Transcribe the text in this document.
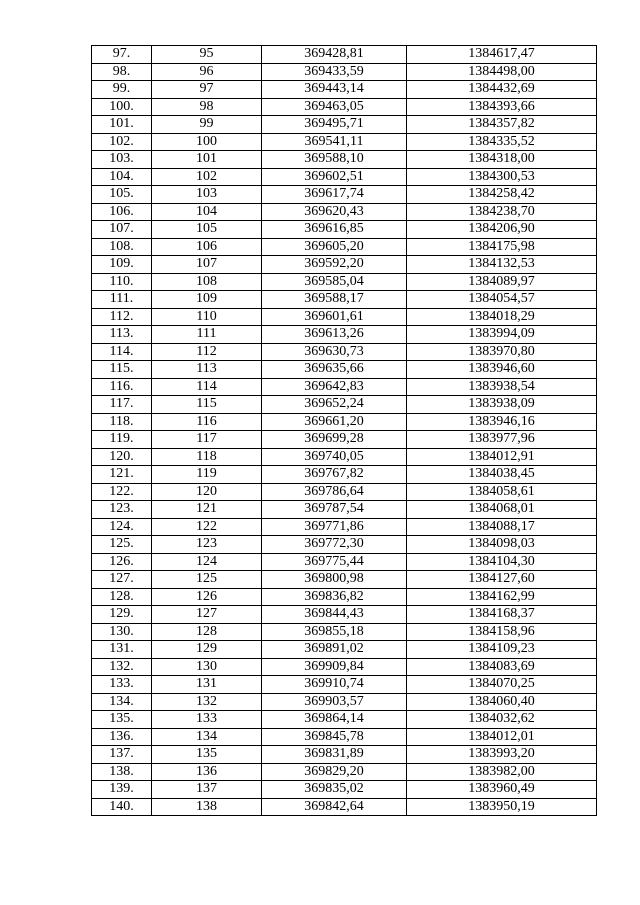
97.	95	369428,81	1384617,47
98.	96	369433,59	1384498,00
99.	97	369443,14	1384432,69
100.	98	369463,05	1384393,66
101.	99	369495,71	1384357,82
102.	100	369541,11	1384335,52
103.	101	369588,10	1384318,00
104.	102	369602,51	1384300,53
105.	103	369617,74	1384258,42
106.	104	369620,43	1384238,70
107.	105	369616,85	1384206,90
108.	106	369605,20	1384175,98
109.	107	369592,20	1384132,53
110.	108	369585,04	1384089,97
111.	109	369588,17	1384054,57
112.	110	369601,61	1384018,29
113.	111	369613,26	1383994,09
114.	112	369630,73	1383970,80
115.	113	369635,66	1383946,60
116.	114	369642,83	1383938,54
117.	115	369652,24	1383938,09
118.	116	369661,20	1383946,16
119.	117	369699,28	1383977,96
120.	118	369740,05	1384012,91
121.	119	369767,82	1384038,45
122.	120	369786,64	1384058,61
123.	121	369787,54	1384068,01
124.	122	369771,86	1384088,17
125.	123	369772,30	1384098,03
126.	124	369775,44	1384104,30
127.	125	369800,98	1384127,60
128.	126	369836,82	1384162,99
129.	127	369844,43	1384168,37
130.	128	369855,18	1384158,96
131.	129	369891,02	1384109,23
132.	130	369909,84	1384083,69
133.	131	369910,74	1384070,25
134.	132	369903,57	1384060,40
135.	133	369864,14	1384032,62
136.	134	369845,78	1384012,01
137.	135	369831,89	1383993,20
138.	136	369829,20	1383982,00
139.	137	369835,02	1383960,49
140.	138	369842,64	1383950,19
